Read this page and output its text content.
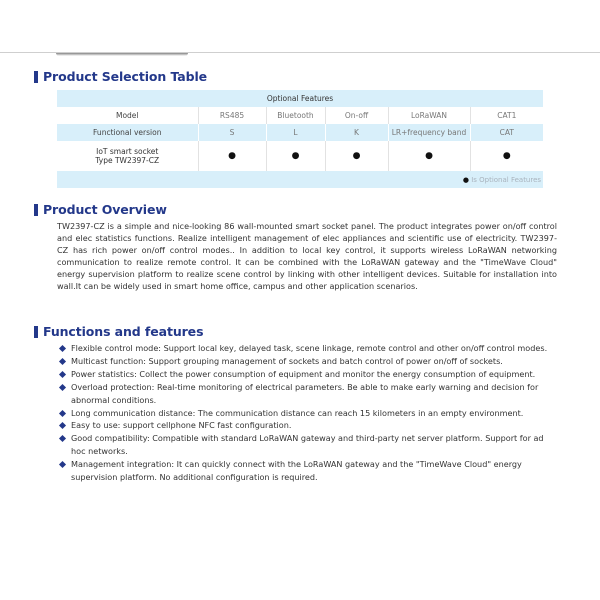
Product Selection Table
Optional Features					
Model	RS485	Bluetooth	On-off	LoRaWAN	CAT1
Functional version	S	L	K	LR+frequency band	CAT

IoT smart socket
Type TW2397-CZ	●	●	●	●	●
● Is Optional Features					
Product Overview

TW2397-CZ is a simple and nice-looking 86 wall-mounted smart socket panel. The product integrates power on/off control and elec statistics functions. Realize intelligent management of elec appliances and scientific use of electricity. TW2397-CZ has rich power on/off control modes.. In addition to local key control, it supports wireless LoRaWAN networking communication to realize remote control. It can be combined with the LoRaWAN gateway and the "TimeWave Cloud" energy supervision platform to realize scene control by linking with other intelligent devices. Suitable for installation into wall.It can be widely used in smart home office, campus and other application scenarios.

Functions and features
Flexible control mode: Support local key, delayed task, scene linkage, remote control and other on/off control modes.
Multicast function: Support grouping management of sockets and batch control of power on/off of sockets.
Power statistics: Collect the power consumption of equipment and monitor the energy consumption of equipment.
Overload protection: Real-time monitoring of electrical parameters. Be able to make early warning and decision for abnormal conditions.
Long communication distance: The communication distance can reach 15 kilometers in an empty environment.
Easy to use: support cellphone NFC fast configuration.
Good compatibility: Compatible with standard LoRaWAN gateway and third-party net server platform. Support for ad hoc networks.
Management integration: It can quickly connect with the LoRaWAN gateway and the "TimeWave Cloud" energy supervision platform. No additional configuration is required.
